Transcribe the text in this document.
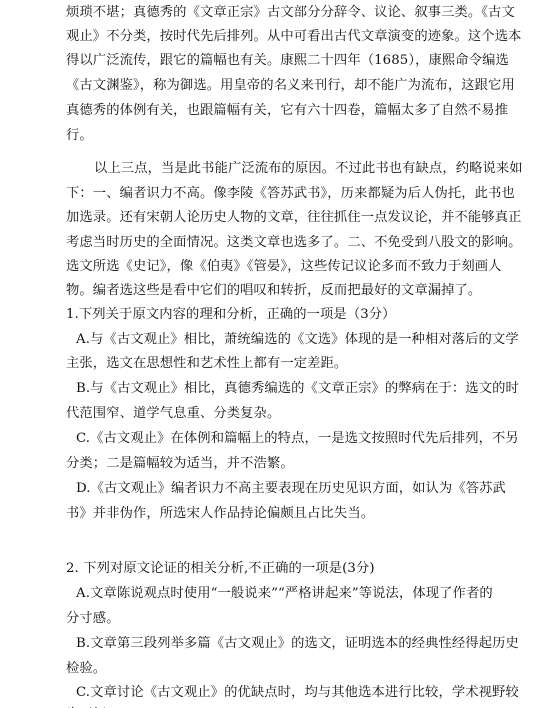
烦琐不堪；真德秀的《文章正宗》古文部分分辞令、议论、叙事三类。《古文
观止》不分类，按时代先后排列。从中可看出古代文章演变的迹象。这个选本
得以广泛流传，跟它的篇幅也有关。康熙二十四年（1685），康熙命令编选
《古文渊鉴》，称为御选。用皇帝的名义来刊行，却不能广为流布，这跟它用
真德秀的体例有关，也跟篇幅有关，它有六十四卷，篇幅太多了自然不易推
行。
以上三点，当是此书能广泛流布的原因。不过此书也有缺点，约略说来如
下：一、编者识力不高。像李陵《答苏武书》，历来都疑为后人伪托，此书也
加选录。还有宋朝人论历史人物的文章，往往抓住一点发议论，并不能够真正
考虑当时历史的全面情况。这类文章也选多了。二、不免受到八股文的影响。
选文所选《史记》，像《伯夷》《管晏》，这些传记议论多而不致力于刻画人
物。编者选这些是看中它们的唱叹和转折，反而把最好的文章漏掉了。
1.下列关于原文内容的理和分析，正确的一项是（3分）
A.与《古文观止》相比，萧统编选的《文选》体现的是一种相对落后的文学
主张，选文在思想性和艺术性上都有一定差距。
B.与《古文观止》相比，真德秀编选的《文章正宗》的弊病在于：选文的时
代范围窄、道学气息重、分类复杂。
C.《古文观止》在体例和篇幅上的特点，一是选文按照时代先后排列，不另
分类；二是篇幅较为适当，并不浩繁。
D.《古文观止》编者识力不高主要表现在历史见识方面，如认为《答苏武
书》并非伪作，所选宋人作品持论偏颇且占比失当。
2. 下列对原文论证的相关分析,不正确的一项是(3分)
A.文章陈说观点时使用“一般说来”“严格讲起来”等说法，体现了作者的
分寸感。
B.文章第三段列举多篇《古文观止》的选文，证明选本的经典性经得起历史
检验。
C.文章讨论《古文观止》的优缺点时，均与其他选本进行比较，学术视野较
